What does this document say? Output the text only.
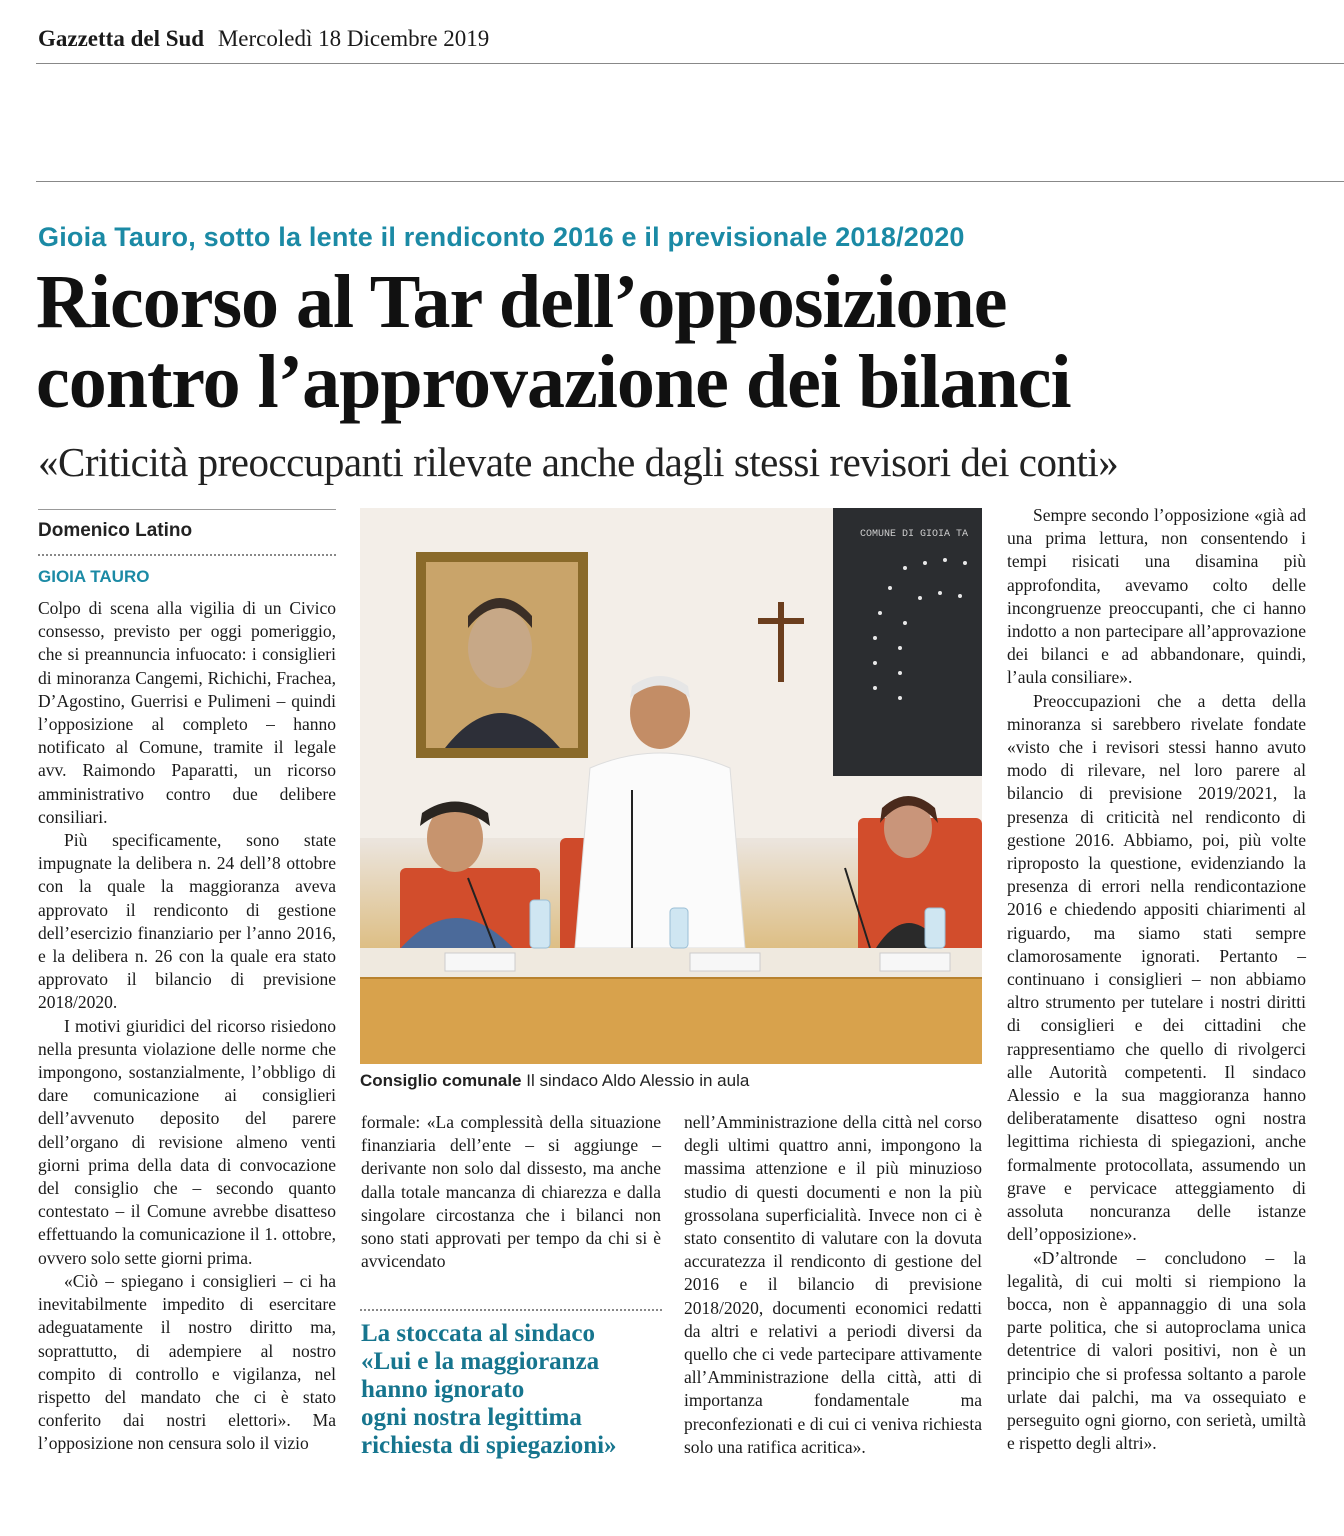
Gazzetta del Sud Mercoledì 18 Dicembre 2019
Gioia Tauro, sotto la lente il rendiconto 2016 e il previsionale 2018/2020
Ricorso al Tar dell’opposizione
contro l’approvazione dei bilanci
«Criticità preoccupanti rilevate anche dagli stessi revisori dei conti»
Domenico Latino
GIOIA TAURO

Colpo di scena alla vigilia di un Civico consesso, previsto per oggi pomeriggio, che si preannuncia infuocato: i consiglieri di minoranza Cangemi, Richichi, Frachea, D’Agostino, Guerrisi e Pulimeni – quindi l’opposizione al completo – hanno notificato al Comune, tramite il legale avv. Raimondo Paparatti, un ricorso amministrativo contro due delibere consiliari.

Più specificamente, sono state impugnate la delibera n. 24 dell’8 ottobre con la quale la maggioranza aveva approvato il rendiconto di gestione dell’esercizio finanziario per l’anno 2016, e la delibera n. 26 con la quale era stato approvato il bilancio di previsione 2018/2020.

I motivi giuridici del ricorso risiedono nella presunta violazione delle norme che impongono, sostanzialmente, l’obbligo di dare comunicazione ai consiglieri dell’avvenuto deposito del parere dell’organo di revisione almeno venti giorni prima della data di convocazione del consiglio che – secondo quanto contestato – il Comune avrebbe disatteso effettuando la comunicazione il 1. ottobre, ovvero solo sette giorni prima.

«Ciò – spiegano i consiglieri – ci ha inevitabilmente impedito di esercitare adeguatamente il nostro diritto ma, soprattutto, di adempiere al nostro compito di controllo e vigilanza, nel rispetto del mandato che ci è stato conferito dai nostri elettori». Ma l’opposizione non censura solo il vizio

COMUNE DI GIOIA TA
Consiglio comunale Il sindaco Aldo Alessio in aula

formale: «La complessità della situazione finanziaria dell’ente – si aggiunge – derivante non solo dal dissesto, ma anche dalla totale mancanza di chiarezza e dalla singolare circostanza che i bilanci non sono stati approvati per tempo da chi si è avvicendato

La stoccata al sindaco
«Lui e la maggioranza
hanno ignorato
ogni nostra legittima
richiesta di spiegazioni»

nell’Amministrazione della città nel corso degli ultimi quattro anni, impongono la massima attenzione e il più minuzioso studio di questi documenti e non la più grossolana superficialità. Invece non ci è stato consentito di valutare con la dovuta accuratezza il rendiconto di gestione del 2016 e il bilancio di previsione 2018/2020, documenti economici redatti da altri e relativi a periodi diversi da quello che ci vede partecipare attivamente all’Amministrazione della città, atti di importanza fondamentale ma preconfezionati e di cui ci veniva richiesta solo una ratifica acritica».

Sempre secondo l’opposizione «già ad una prima lettura, non consentendo i tempi risicati una disamina più approfondita, avevamo colto delle incongruenze preoccupanti, che ci hanno indotto a non partecipare all’approvazione dei bilanci e ad abbandonare, quindi, l’aula consiliare».

Preoccupazioni che a detta della minoranza si sarebbero rivelate fondate «visto che i revisori stessi hanno avuto modo di rilevare, nel loro parere al bilancio di previsione 2019/2021, la presenza di criticità nel rendiconto di gestione 2016. Abbiamo, poi, più volte riproposto la questione, evidenziando la presenza di errori nella rendicontazione 2016 e chiedendo appositi chiarimenti al riguardo, ma siamo stati sempre clamorosamente ignorati. Pertanto – continuano i consiglieri – non abbiamo altro strumento per tutelare i nostri diritti di consiglieri e dei cittadini che rappresentiamo che quello di rivolgerci alle Autorità competenti. Il sindaco Alessio e la sua maggioranza hanno deliberatamente disatteso ogni nostra legittima richiesta di spiegazioni, anche formalmente protocollata, assumendo un grave e pervicace atteggiamento di assoluta noncuranza delle istanze dell’opposizione».

«D’altronde – concludono – la legalità, di cui molti si riempiono la bocca, non è appannaggio di una sola parte politica, che si autoproclama unica detentrice di valori positivi, non è un principio che si professa soltanto a parole urlate dai palchi, ma va ossequiato e perseguito ogni giorno, con serietà, umiltà e rispetto degli altri».
